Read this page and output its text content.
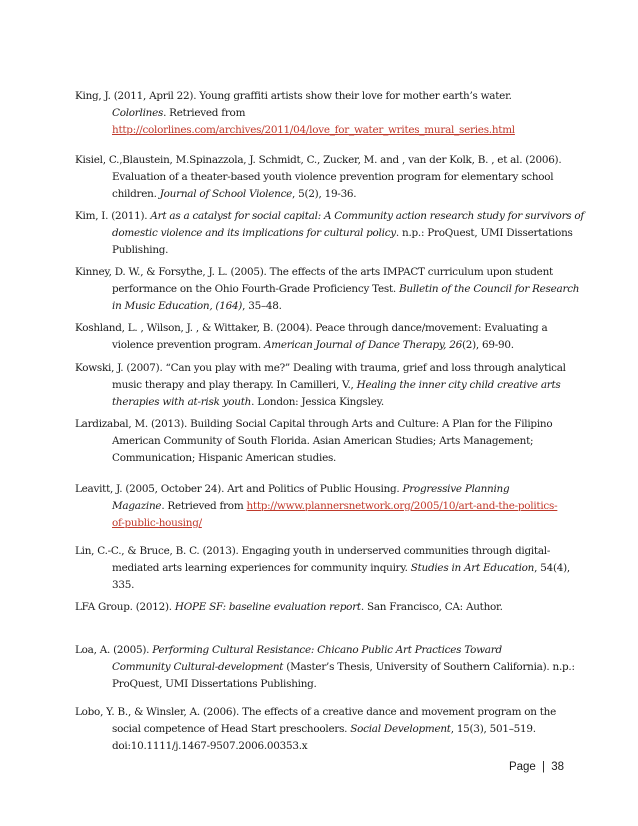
King, J. (2011, April 22). Young graffiti artists show their love for mother earth’s water.
Colorlines. Retrieved from
http://colorlines.com/archives/2011/04/love_for_water_writes_mural_series.html
Kisiel, C.,Blaustein, M.Spinazzola, J. Schmidt, C., Zucker, M. and , van der Kolk, B. , et al. (2006).
Evaluation of a theater-based youth violence prevention program for elementary school
children. Journal of School Violence, 5(2), 19-36.
Kim, I. (2011). Art as a catalyst for social capital: A Community action research study for survivors of
domestic violence and its implications for cultural policy. n.p.: ProQuest, UMI Dissertations
Publishing.
Kinney, D. W., & Forsythe, J. L. (2005). The effects of the arts IMPACT curriculum upon student
performance on the Ohio Fourth-Grade Proficiency Test. Bulletin of the Council for Research
in Music Education, (164), 35–48.
Koshland, L. , Wilson, J. , & Wittaker, B. (2004). Peace through dance/movement: Evaluating a
violence prevention program. American Journal of Dance Therapy, 26(2), 69-90.
Kowski, J. (2007). “Can you play with me?” Dealing with trauma, grief and loss through analytical
music therapy and play therapy. In Camilleri, V., Healing the inner city child creative arts
therapies with at-risk youth. London: Jessica Kingsley.
Lardizabal, M. (2013). Building Social Capital through Arts and Culture: A Plan for the Filipino
American Community of South Florida. Asian American Studies; Arts Management;
Communication; Hispanic American studies.
Leavitt, J. (2005, October 24). Art and Politics of Public Housing. Progressive Planning
Magazine. Retrieved from http://www.plannersnetwork.org/2005/10/art-and-the-politics-
of-public-housing/
Lin, C.-C., & Bruce, B. C. (2013). Engaging youth in underserved communities through digital-
mediated arts learning experiences for community inquiry. Studies in Art Education, 54(4),
335.
LFA Group. (2012). HOPE SF: baseline evaluation report. San Francisco, CA: Author.
Loa, A. (2005). Performing Cultural Resistance: Chicano Public Art Practices Toward
Community Cultural-development (Master’s Thesis, University of Southern California). n.p.:
ProQuest, UMI Dissertations Publishing.
Lobo, Y. B., & Winsler, A. (2006). The effects of a creative dance and movement program on the
social competence of Head Start preschoolers. Social Development, 15(3), 501–519.
doi:10.1111/j.1467-9507.2006.00353.x
Page | 38
